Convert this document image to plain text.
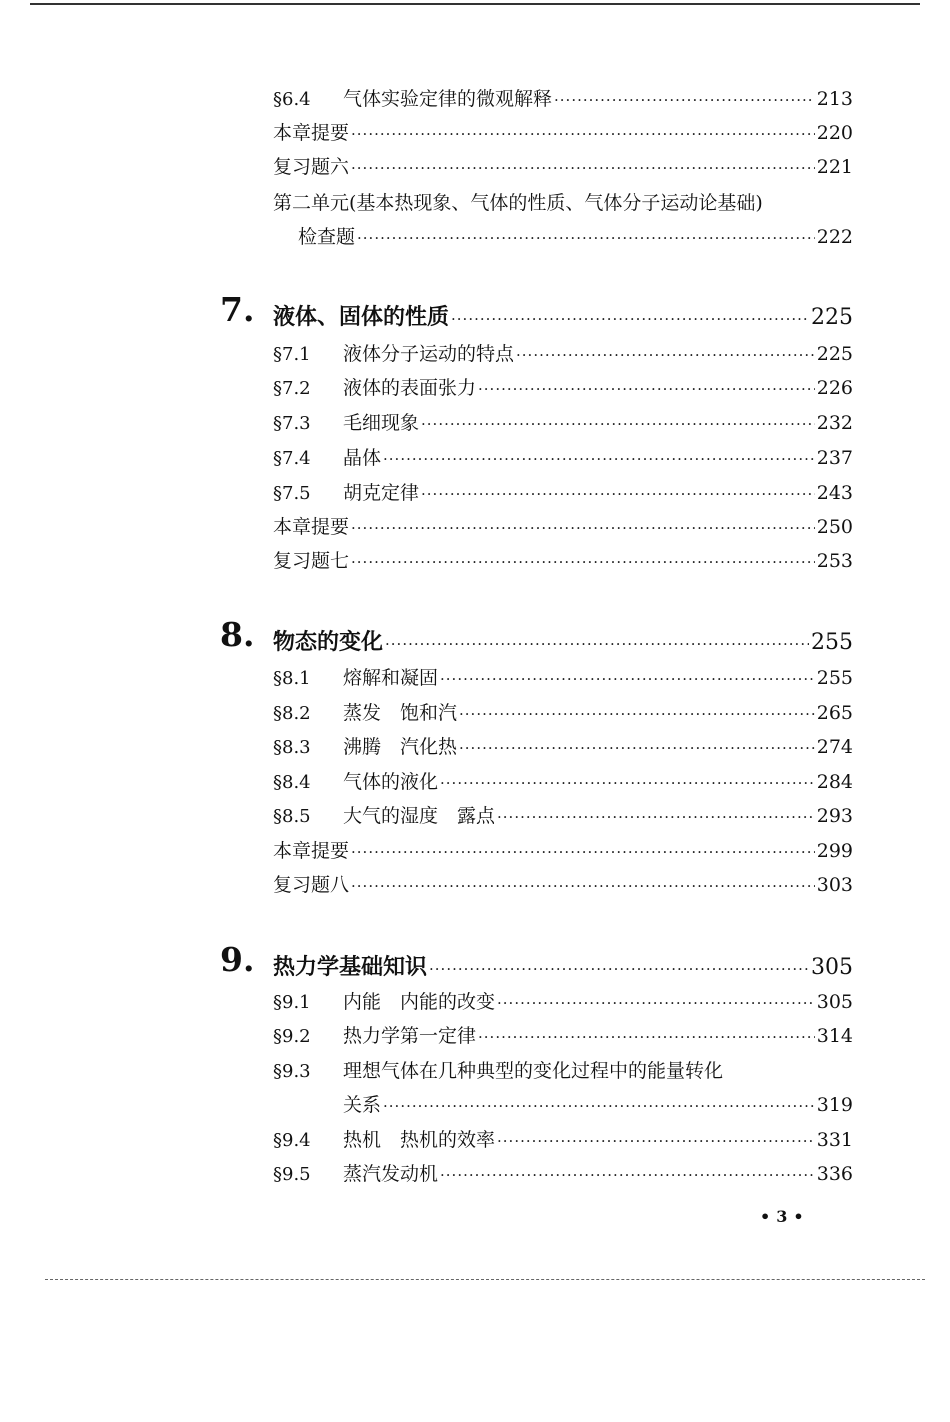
§6.4	气体实验定律的微观解释 ·····	213
本章提要 ·····	220
复习题六 ·····	221
第二单元(基本热现象、气体的性质、气体分子运动论基础)
检查题 ·····	222
7. 液体、固体的性质 ·····	225
§7.1	液体分子运动的特点 ·····	225
§7.2	液体的表面张力 ·····	226
§7.3	毛细现象 ·····	232
§7.4	晶体 ·····	237
§7.5	胡克定律 ·····	243
本章提要 ·····	250
复习题七 ·····	253
8. 物态的变化 ·····	255
§8.1	熔解和凝固 ·····	255
§8.2	蒸发　饱和汽 ·····	265
§8.3	沸腾　汽化热 ·····	274
§8.4	气体的液化 ·····	284
§8.5	大气的湿度　露点 ·····	293
本章提要 ·····	299
复习题八 ·····	303
9. 热力学基础知识 ·····	305
§9.1	内能　内能的改变 ·····	305
§9.2	热力学第一定律 ·····	314
§9.3	理想气体在几种典型的变化过程中的能量转化
关系 ·····	319
§9.4	热机　热机的效率 ·····	331
§9.5	蒸汽发动机 ·····	336
•3•
